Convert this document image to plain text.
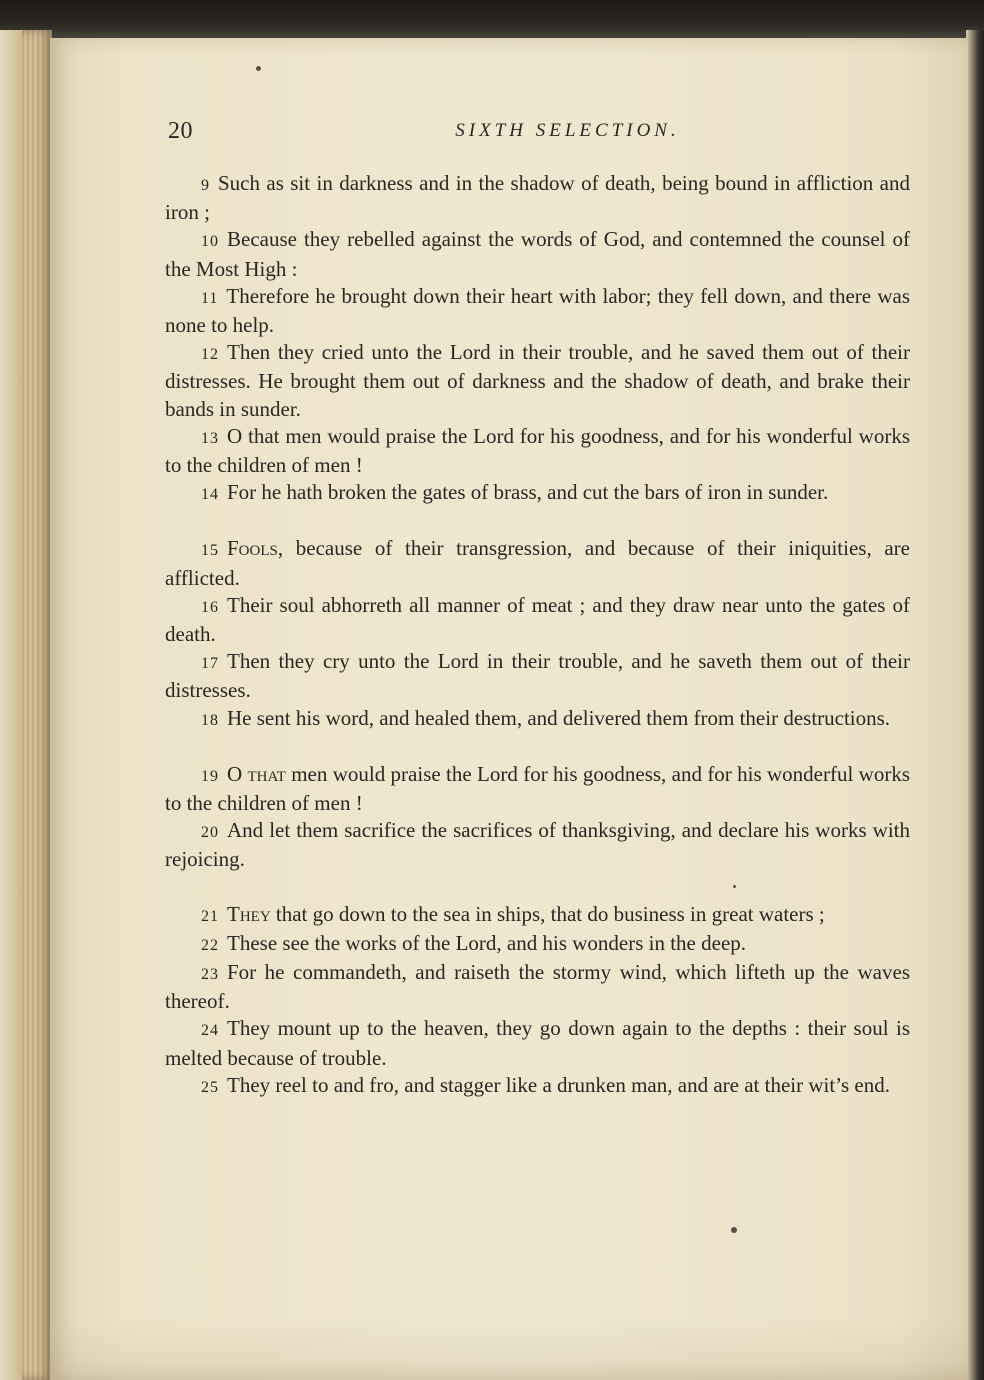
20	SIXTH SELECTION.

9 Such as sit in darkness and in the shadow of death, being bound in affliction and iron ;

10 Because they rebelled against the words of God, and contemned the counsel of the Most High :

11 Therefore he brought down their heart with labor; they fell down, and there was none to help.

12 Then they cried unto the Lord in their trouble, and he saved them out of their distresses. He brought them out of darkness and the shadow of death, and brake their bands in sunder.

13 O that men would praise the Lord for his goodness, and for his wonderful works to the children of men !

14 For he hath broken the gates of brass, and cut the bars of iron in sunder.

15 Fools, because of their transgression, and because of their iniquities, are afflicted.

16 Their soul abhorreth all manner of meat ; and they draw near unto the gates of death.

17 Then they cry unto the Lord in their trouble, and he saveth them out of their distresses.

18 He sent his word, and healed them, and delivered them from their destructions.

19 O that men would praise the Lord for his goodness, and for his wonderful works to the children of men !

20 And let them sacrifice the sacrifices of thanksgiving, and declare his works with rejoicing.

21 They that go down to the sea in ships, that do business in great waters ;

22 These see the works of the Lord, and his wonders in the deep.

23 For he commandeth, and raiseth the stormy wind, which lifteth up the waves thereof.

24 They mount up to the heaven, they go down again to the depths : their soul is melted because of trouble.

25 They reel to and fro, and stagger like a drunken man, and are at their wit’s end.
